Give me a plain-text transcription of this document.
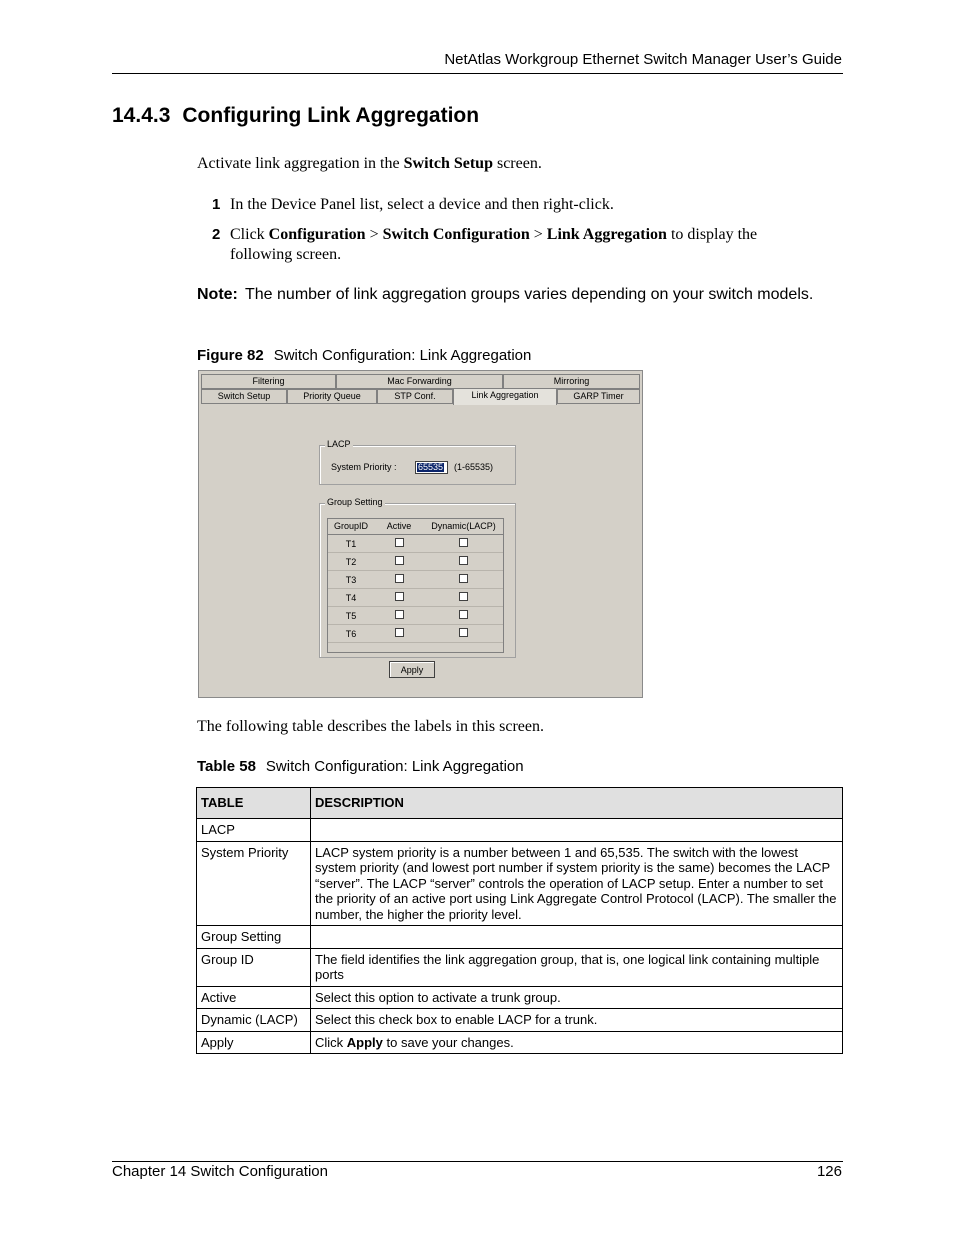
NetAtlas Workgroup Ethernet Switch Manager User’s Guide
14.4.3 Configuring Link Aggregation
Activate link aggregation in the Switch Setup screen.
1 In the Device Panel list, select a device and then right-click.
2 Click Configuration > Switch Configuration > Link Aggregation to display the following screen.
Note: The number of link aggregation groups varies depending on your switch models.
Figure 82 Switch Configuration: Link Aggregation
Filtering	Mac Forwarding	Mirroring
Switch Setup	Priority Queue	STP Conf.	Link Aggregation	GARP Timer
LACP
System Priority :	65535	(1-65535)
Group Setting
GroupID	Active	Dynamic(LACP)
T1
T2
T3
T4
T5
T6
Apply
The following table describes the labels in this screen.
Table 58 Switch Configuration: Link Aggregation
TABLE	DESCRIPTION
LACP	
System Priority	LACP system priority is a number between 1 and 65,535. The switch with the lowest system priority (and lowest port number if system priority is the same) becomes the LACP “server”. The LACP “server” controls the operation of LACP setup. Enter a number to set the priority of an active port using Link Aggregate Control Protocol (LACP). The smaller the number, the higher the priority level.
Group Setting	
Group ID	The field identifies the link aggregation group, that is, one logical link containing multiple ports
Active	Select this option to activate a trunk group.
Dynamic (LACP)	Select this check box to enable LACP for a trunk.
Apply	Click Apply to save your changes.
Chapter 14 Switch Configuration	126
